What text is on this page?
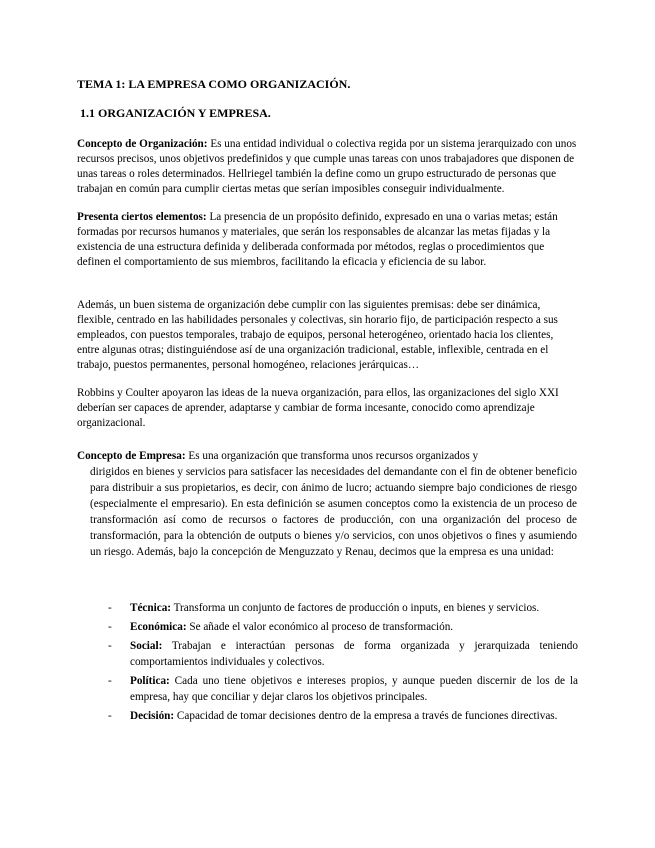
TEMA 1: LA EMPRESA COMO ORGANIZACIÓN.
1.1 ORGANIZACIÓN Y EMPRESA.

Concepto de Organización: Es una entidad individual o colectiva regida por un sistema jerarquizado con unos recursos precisos, unos objetivos predefinidos y que cumple unas tareas con unos trabajadores que disponen de unas tareas o roles determinados. Hellriegel también la define como un grupo estructurado de personas que trabajan en común para cumplir ciertas metas que serían imposibles conseguir individualmente.

Presenta ciertos elementos: La presencia de un propósito definido, expresado en una o varias metas; están formadas por recursos humanos y materiales, que serán los responsables de alcanzar las metas fijadas y la existencia de una estructura definida y deliberada conformada por métodos, reglas o procedimientos que definen el comportamiento de sus miembros, facilitando la eficacia y eficiencia de su labor.

Además, un buen sistema de organización debe cumplir con las siguientes premisas: debe ser dinámica, flexible, centrado en las habilidades personales y colectivas, sin horario fijo, de participación respecto a sus empleados, con puestos temporales, trabajo de equipos, personal heterogéneo, orientado hacia los clientes, entre algunas otras; distinguiéndose así de una organización tradicional, estable, inflexible, centrada en el trabajo, puestos permanentes, personal homogéneo, relaciones jerárquicas…

Robbins y Coulter apoyaron las ideas de la nueva organización, para ellos, las organizaciones del siglo XXI deberían ser capaces de aprender, adaptarse y cambiar de forma incesante, conocido como aprendizaje organizacional.

Concepto de Empresa: Es una organización que transforma unos recursos organizados y
dirigidos en bienes y servicios para satisfacer las necesidades del demandante con el fin de obtener beneficio para distribuir a sus propietarios, es decir, con ánimo de lucro; actuando siempre bajo condiciones de riesgo (especialmente el empresario). En esta definición se asumen conceptos como la existencia de un proceso de transformación así como de recursos o factores de producción, con una organización del proceso de transformación, para la obtención de outputs o bienes y/o servicios, con unos objetivos o fines y asumiendo un riesgo. Además, bajo la concepción de Menguzzato y Renau, decimos que la empresa es una unidad:

- Técnica: Transforma un conjunto de factores de producción o inputs, en bienes y servicios.
- Económica: Se añade el valor económico al proceso de transformación.
- Social: Trabajan e interactúan personas de forma organizada y jerarquizada teniendo comportamientos individuales y colectivos.
- Política: Cada uno tiene objetivos e intereses propios, y aunque pueden discernir de los de la empresa, hay que conciliar y dejar claros los objetivos principales.
- Decisión: Capacidad de tomar decisiones dentro de la empresa a través de funciones directivas.
